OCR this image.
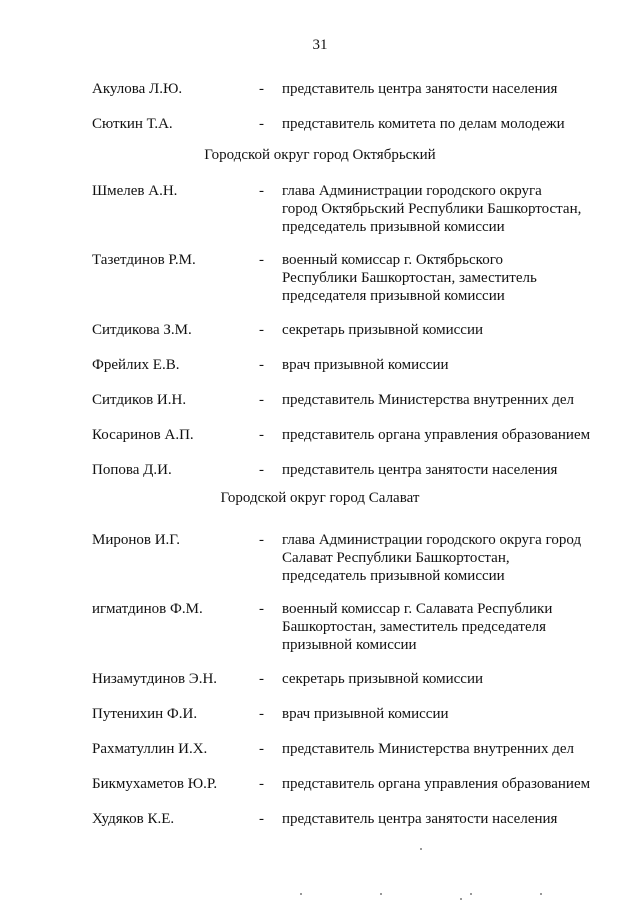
31
Акулова Л.Ю.	- представитель центра занятости населения
Сюткин Т.А.	- представитель комитета по делам молодежи
Городской округ город Октябрьский
Шмелев А.Н.	- глава Администрации городского округа
город Октябрьский Республики Башкортостан,
председатель призывной комиссии
Тазетдинов Р.М.	- военный комиссар г. Октябрьского
Республики Башкортостан, заместитель
председателя призывной комиссии
Ситдикова З.М.	- секретарь призывной комиссии
Фрейлих Е.В.	- врач призывной комиссии
Ситдиков И.Н.	- представитель Министерства внутренних дел
Косаринов А.П.	- представитель органа управления образованием
Попова Д.И.	- представитель центра занятости населения
Городской округ город Салават
Миронов И.Г.	- глава Администрации городского округа город
Салават Республики Башкортостан,
председатель призывной комиссии
игматдинов Ф.М.	- военный комиссар г. Салавата Республики
Башкортостан, заместитель председателя
призывной комиссии
Низамутдинов Э.Н.	- секретарь призывной комиссии
Путенихин Ф.И.	- врач призывной комиссии
Рахматуллин И.Х.	- представитель Министерства внутренних дел
Бикмухаметов Ю.Р.	- представитель органа управления образованием
Худяков К.Е.	- представитель центра занятости населения
